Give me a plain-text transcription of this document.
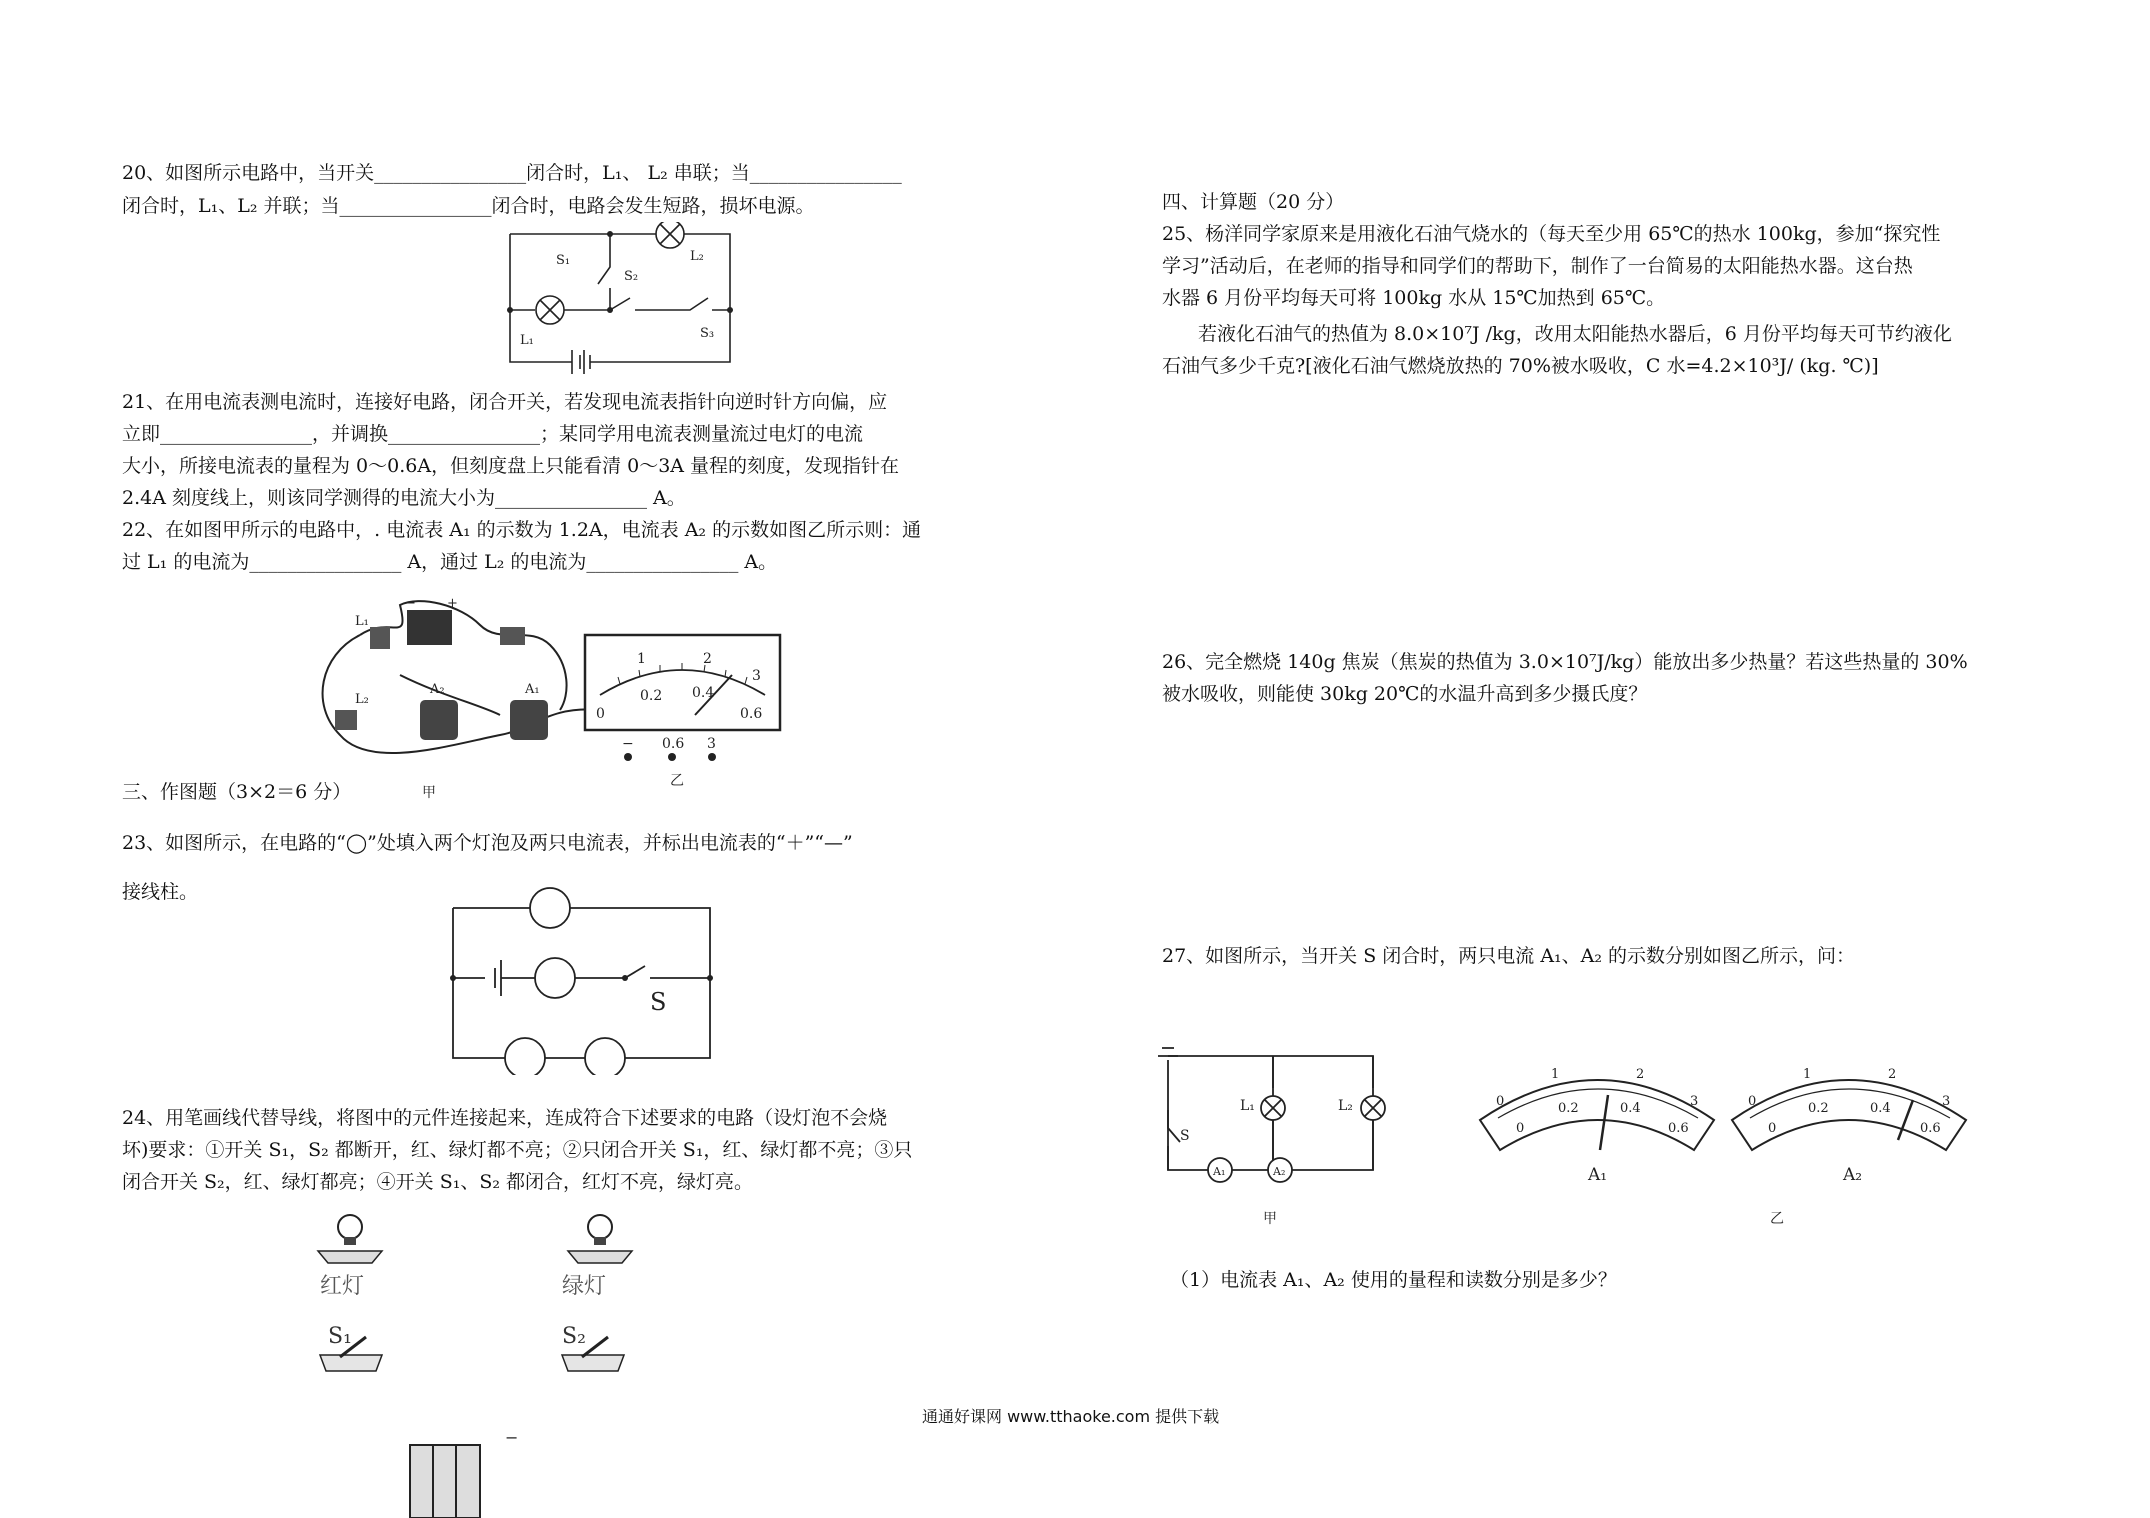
20、如图所示电路中，当开关________________闭合时，L₁、 L₂ 串联；当________________
闭合时，L₁、L₂ 并联；当________________闭合时，电路会发生短路，损坏电源。
S₁
S₂
S₃
L₁
L₂
21、在用电流表测电流时，连接好电路，闭合开关，若发现电流表指针向逆时针方向偏，应
立即________________，并调换________________；某同学用电流表测量流过电灯的电流
大小，所接电流表的量程为 0～0.6A，但刻度盘上只能看清 0～3A 量程的刻度，发现指针在
2.4A 刻度线上，则该同学测得的电流大小为________________ A。
22、在如图甲所示的电路中，. 电流表 A₁ 的示数为 1.2A，电流表 A₂ 的示数如图乙所示则：通
过 L₁ 的电流为________________ A，通过 L₂ 的电流为________________ A。
− +
L₁
L₂
A₂	A₁
1	2
3
0
0.2 0.4
0.6
− 0.6 3
乙
甲
三、作图题（3×2＝6 分）
23、如图所示，在电路的“◯”处填入两个灯泡及两只电流表，并标出电流表的“＋”“—”
接线柱。
S
24、用笔画线代替导线，将图中的元件连接起来，连成符合下述要求的电路（设灯泡不会烧
坏)要求：①开关 S₁，S₂ 都断开，红、绿灯都不亮；②只闭合开关 S₁，红、绿灯都不亮；③只
闭合开关 S₂，红、绿灯都亮；④开关 S₁、S₂ 都闭合，红灯不亮，绿灯亮。
红灯	绿灯
S₁	S₂
−
四、计算题（20 分）
25、杨洋同学家原来是用液化石油气烧水的（每天至少用 65℃的热水 100kg，参加“探究性
学习”活动后，在老师的指导和同学们的帮助下，制作了一台简易的太阳能热水器。这台热
水器 6 月份平均每天可将 100kg 水从 15℃加热到 65℃。
若液化石油气的热值为 8.0×10⁷J /kg，改用太阳能热水器后，6 月份平均每天可节约液化
石油气多少千克?[液化石油气燃烧放热的 70%被水吸收，C 水=4.2×10³J/ (kg. ℃)]
26、完全燃烧 140g 焦炭（焦炭的热值为 3.0×10⁷J/kg）能放出多少热量？若这些热量的 30%
被水吸收，则能使 30kg 20℃的水温升高到多少摄氏度？
27、如图所示，当开关 S 闭合时，两只电流 A₁、A₂ 的示数分别如图乙所示，问：
L₁	L₂
A₁	A₂
S
甲	乙
0
1	2
3
0
0.2	0.4
0.6
A₁
0
1	2
3
0
0.2	0.4
0.6
A₂
（1）电流表 A₁、A₂ 使用的量程和读数分别是多少？
通通好课网 www.tthaoke.com 提供下载
